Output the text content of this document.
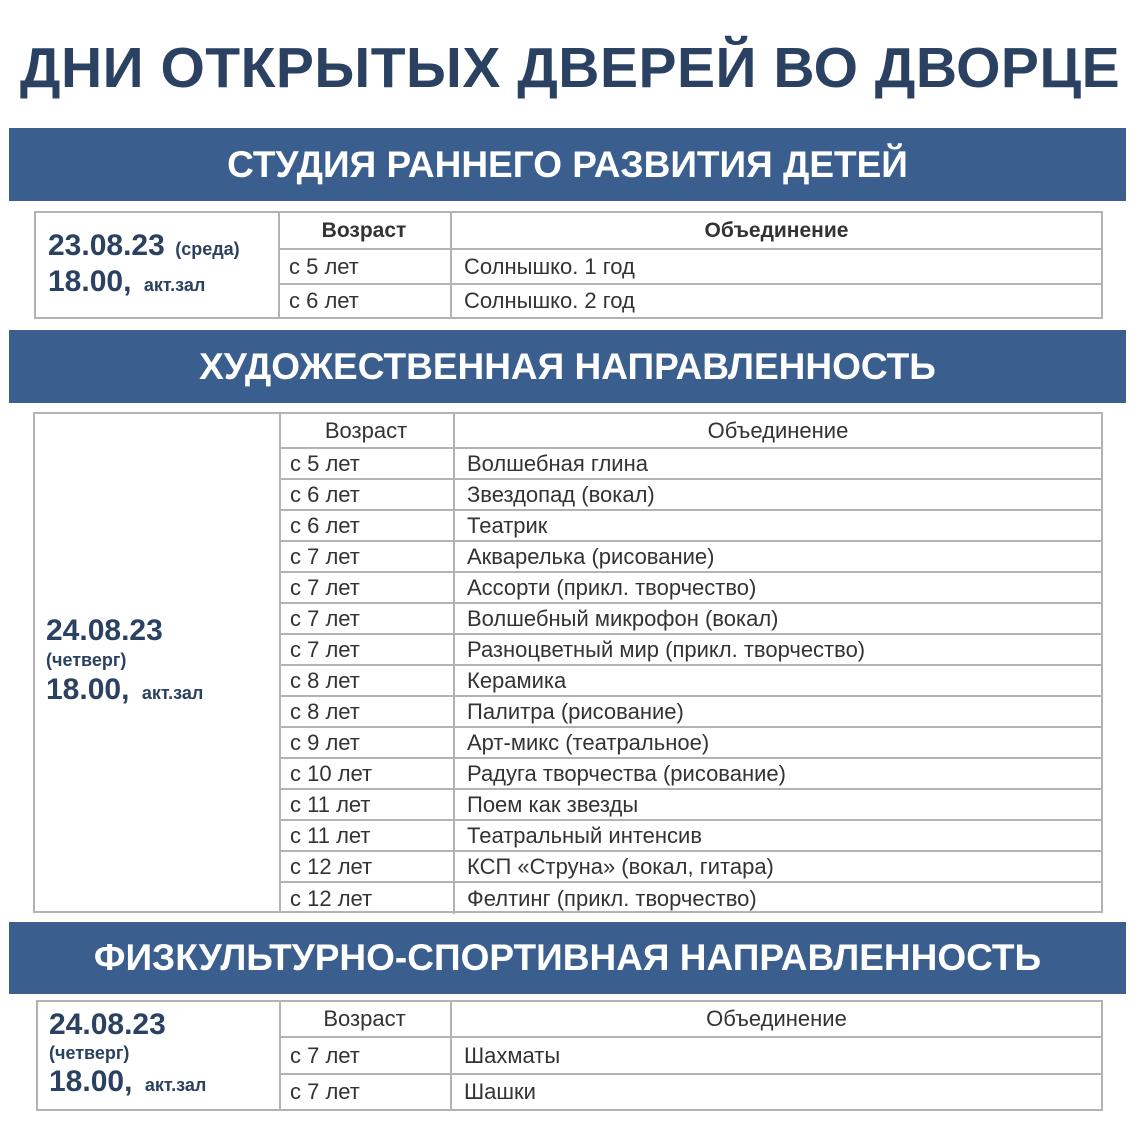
ДНИ ОТКРЫТЫХ ДВЕРЕЙ ВО ДВОРЦЕ
СТУДИЯ РАННЕГО РАЗВИТИЯ ДЕТЕЙ
23.08.23 (среда)
18.00, акт.зал
Возраст	Объединение
с 5 лет	Солнышко. 1 год
с 6 лет	Солнышко. 2 год
ХУДОЖЕСТВЕННАЯ НАПРАВЛЕННОСТЬ
24.08.23
(четверг)
18.00, акт.зал
Возраст	Объединение
с 5 лет	Волшебная глина
с 6 лет	Звездопад (вокал)
с 6 лет	Театрик
с 7 лет	Акварелька (рисование)
с 7 лет	Ассорти (прикл. творчество)
с 7 лет	Волшебный микрофон (вокал)
с 7 лет	Разноцветный мир (прикл. творчество)
с 8 лет	Керамика
с 8 лет	Палитра (рисование)
с 9 лет	Арт-микс (театральное)
с 10 лет	Радуга творчества (рисование)
с 11 лет	Поем как звезды
с 11 лет	Театральный интенсив
с 12 лет	КСП «Струна» (вокал, гитара)
с 12 лет	Фелтинг (прикл. творчество)
ФИЗКУЛЬТУРНО-СПОРТИВНАЯ НАПРАВЛЕННОСТЬ
24.08.23
(четверг)
18.00, акт.зал
Возраст	Объединение
с 7 лет	Шахматы
с 7 лет	Шашки
